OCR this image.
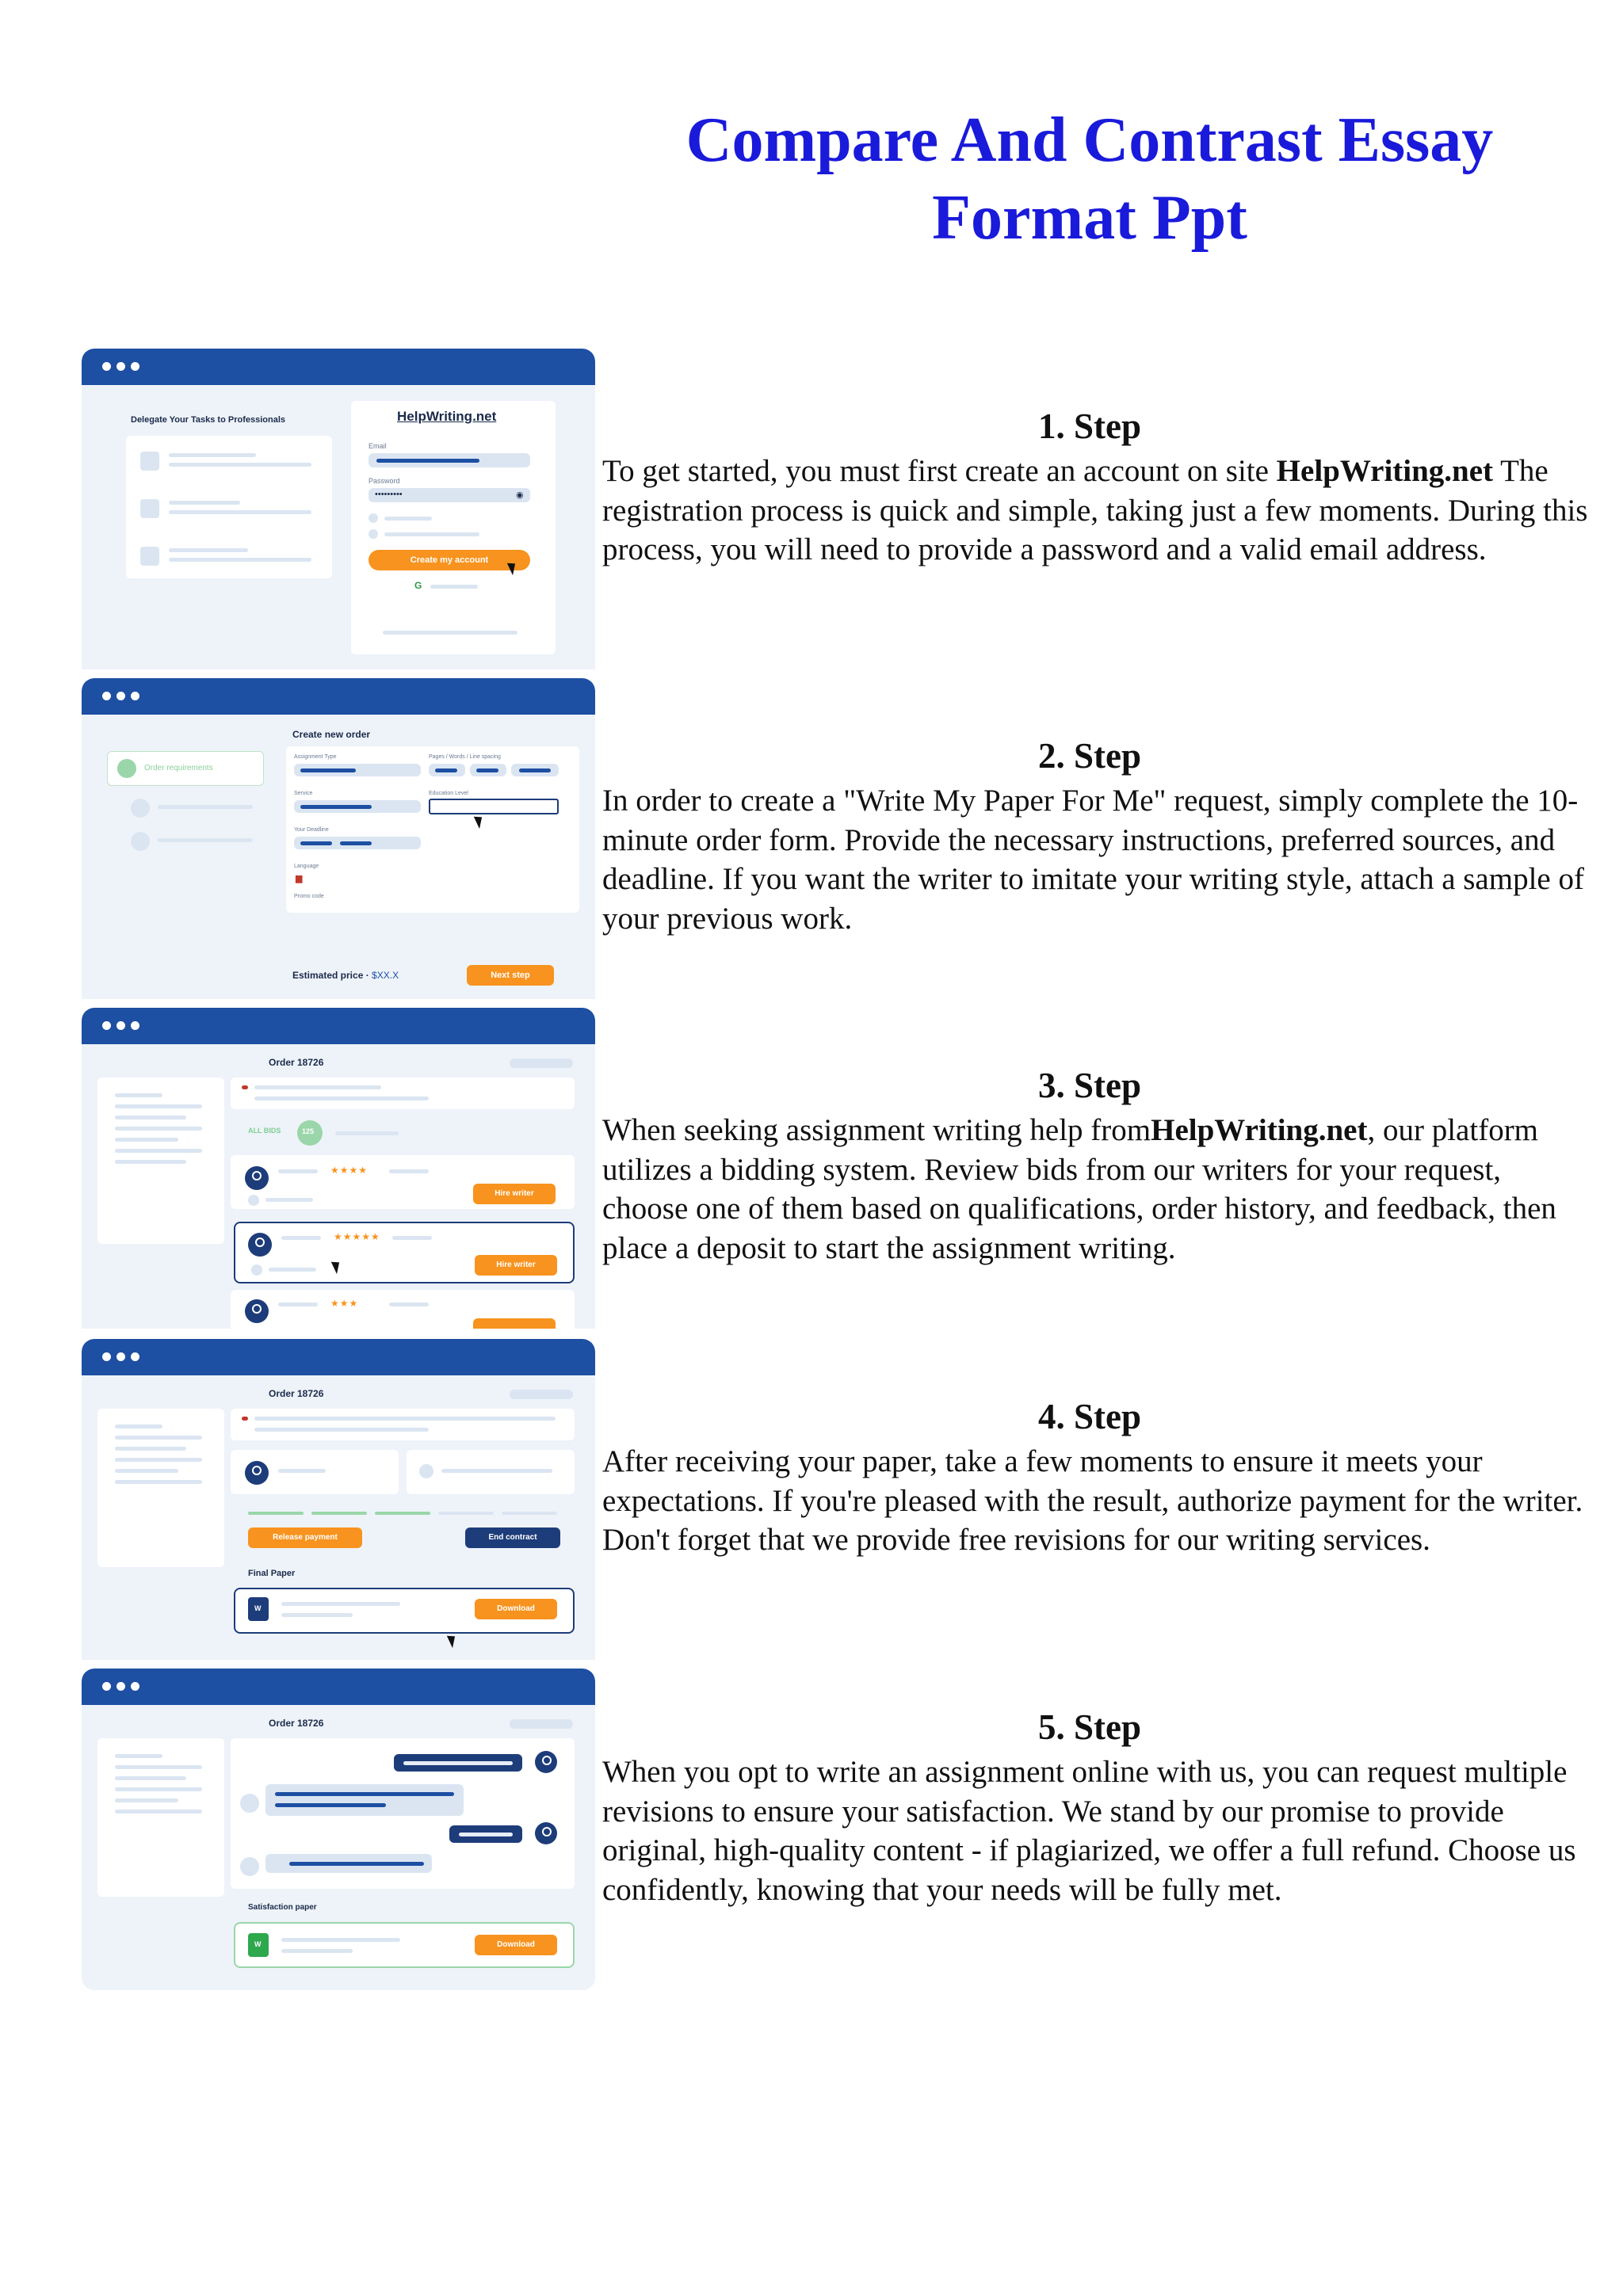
Compare And Contrast Essay
Format Ppt
Delegate Your Tasks to Professionals	HelpWriting.net
Email
Password
•••••••••	◉
Create my account
G
Order requirements
Create new order
Assignment Type	Pages / Words / Line spacing
Service	Education Level
Your Deadline
Language
▆
Promo code
Estimated price · $XX.X	Next step
Order 18726
ALL BIDS	125
★★★★
Hire writer
★★★★★
Hire writer
★★★
Order 18726
Release payment	End contract
Final Paper
W	Download
Order 18726
Satisfaction paper
W	Download
1. Step

To get started, you must first create an account on site HelpWriting.net The registration process is quick and simple, taking just a few moments. During this process, you will need to provide a password and a valid email address.

2. Step

In order to create a "Write My Paper For Me" request, simply complete the 10-minute order form. Provide the necessary instructions, preferred sources, and deadline. If you want the writer to imitate your writing style, attach a sample of your previous work.

3. Step

When seeking assignment writing help fromHelpWriting.net, our platform utilizes a bidding system. Review bids from our writers for your request, choose one of them based on qualifications, order history, and feedback, then place a deposit to start the assignment writing.

4. Step

After receiving your paper, take a few moments to ensure it meets your expectations. If you're pleased with the result, authorize payment for the writer. Don't forget that we provide free revisions for our writing services.

5. Step

When you opt to write an assignment online with us, you can request multiple revisions to ensure your satisfaction. We stand by our promise to provide original, high-quality content - if plagiarized, we offer a full refund. Choose us confidently, knowing that your needs will be fully met.
